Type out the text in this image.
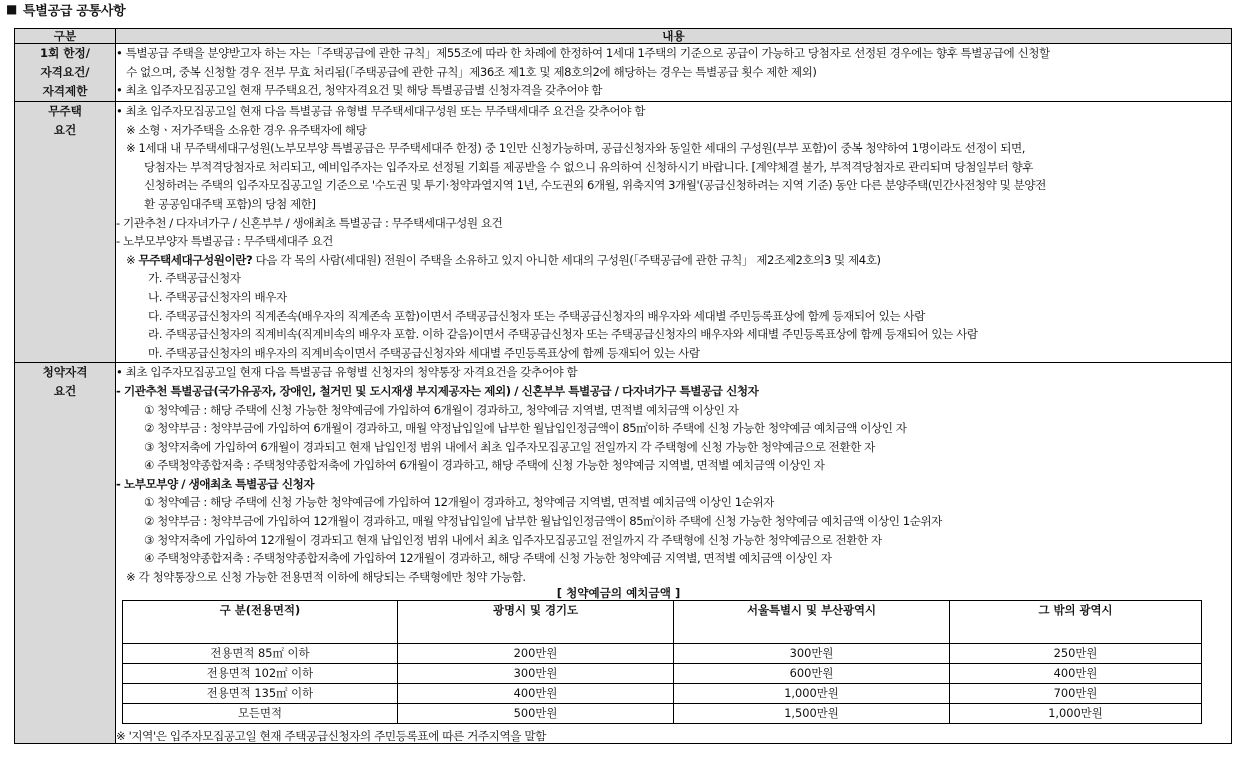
■ 특별공급 공통사항
구분	내용

1회 한정/
자격요건/
자격제한

• 특별공급 주택을 분양받고자 하는 자는「주택공급에 관한 규칙」제55조에 따라 한 차례에 한정하여 1세대 1주택의 기준으로 공급이 가능하고 당첨자로 선정된 경우에는 향후 특별공급에 신청할
수 없으며, 중복 신청할 경우 전부 무효 처리됨(「주택공급에 관한 규칙」제36조 제1호 및 제8호의2에 해당하는 경우는 특별공급 횟수 제한 제외)
• 최초 입주자모집공고일 현재 무주택요건, 청약자격요건 및 해당 특별공급별 신청자격을 갖추어야 함

무주택
요건

• 최초 입주자모집공고일 현재 다음 특별공급 유형별 무주택세대구성원 또는 무주택세대주 요건을 갖추어야 함
※ 소형ㆍ저가주택을 소유한 경우 유주택자에 해당
※ 1세대 내 무주택세대구성원(노부모부양 특별공급은 무주택세대주 한정) 중 1인만 신청가능하며, 공급신청자와 동일한 세대의 구성원(부부 포함)이 중복 청약하여 1명이라도 선정이 되면,
당첨자는 부적격당첨자로 처리되고, 예비입주자는 입주자로 선정될 기회를 제공받을 수 없으니 유의하여 신청하시기 바랍니다. [계약체결 불가, 부적격당첨자로 관리되며 당첨일부터 향후
신청하려는 주택의 입주자모집공고일 기준으로 '수도권 및 투기·청약과열지역 1년, 수도권외 6개월, 위축지역 3개월'(공급신청하려는 지역 기준) 동안 다른 분양주택(민간사전청약 및 분양전
환 공공임대주택 포함)의 당첨 제한]
- 기관추천 / 다자녀가구 / 신혼부부 / 생애최초 특별공급 : 무주택세대구성원 요건
- 노부모부양자 특별공급 : 무주택세대주 요건
※ 무주택세대구성원이란? 다음 각 목의 사람(세대원) 전원이 주택을 소유하고 있지 아니한 세대의 구성원(「주택공급에 관한 규칙」 제2조제2호의3 및 제4호)
가. 주택공급신청자
나. 주택공급신청자의 배우자
다. 주택공급신청자의 직계존속(배우자의 직계존속 포함)이면서 주택공급신청자 또는 주택공급신청자의 배우자와 세대별 주민등록표상에 함께 등재되어 있는 사람
라. 주택공급신청자의 직계비속(직계비속의 배우자 포함. 이하 같음)이면서 주택공급신청자 또는 주택공급신청자의 배우자와 세대별 주민등록표상에 함께 등재되어 있는 사람
마. 주택공급신청자의 배우자의 직계비속이면서 주택공급신청자와 세대별 주민등록표상에 함께 등재되어 있는 사람

청약자격
요건

• 최초 입주자모집공고일 현재 다음 특별공급 유형별 신청자의 청약통장 자격요건을 갖추어야 함
- 기관추천 특별공급(국가유공자, 장애인, 철거민 및 도시재생 부지제공자는 제외) / 신혼부부 특별공급 / 다자녀가구 특별공급 신청자
① 청약예금 : 해당 주택에 신청 가능한 청약예금에 가입하여 6개월이 경과하고, 청약예금 지역별, 면적별 예치금액 이상인 자
② 청약부금 : 청약부금에 가입하여 6개월이 경과하고, 매월 약정납입일에 납부한 월납입인정금액이 85㎡이하 주택에 신청 가능한 청약예금 예치금액 이상인 자
③ 청약저축에 가입하여 6개월이 경과되고 현재 납입인정 범위 내에서 최초 입주자모집공고일 전일까지 각 주택형에 신청 가능한 청약예금으로 전환한 자
④ 주택청약종합저축 : 주택청약종합저축에 가입하여 6개월이 경과하고, 해당 주택에 신청 가능한 청약예금 지역별, 면적별 예치금액 이상인 자
- 노부모부양 / 생애최초 특별공급 신청자
① 청약예금 : 해당 주택에 신청 가능한 청약예금에 가입하여 12개월이 경과하고, 청약예금 지역별, 면적별 예치금액 이상인 1순위자
② 청약부금 : 청약부금에 가입하여 12개월이 경과하고, 매월 약정납입일에 납부한 월납입인정금액이 85㎡이하 주택에 신청 가능한 청약예금 예치금액 이상인 1순위자
③ 청약저축에 가입하여 12개월이 경과되고 현재 납입인정 범위 내에서 최초 입주자모집공고일 전일까지 각 주택형에 신청 가능한 청약예금으로 전환한 자
④ 주택청약종합저축 : 주택청약종합저축에 가입하여 12개월이 경과하고, 해당 주택에 신청 가능한 청약예금 지역별, 면적별 예치금액 이상인 자
※ 각 청약통장으로 신청 가능한 전용면적 이하에 해당되는 주택형에만 청약 가능함.
[ 청약예금의 예치금액 ]
구 분(전용면적)	광명시 및 경기도	서울특별시 및 부산광역시	그 밖의 광역시
전용면적 85㎡ 이하	200만원	300만원	250만원
전용면적 102㎡ 이하	300만원	600만원	400만원
전용면적 135㎡ 이하	400만원	1,000만원	700만원
모든면적	500만원	1,500만원	1,000만원
※ '지역'은 입주자모집공고일 현재 주택공급신청자의 주민등록표에 따른 거주지역을 말함
